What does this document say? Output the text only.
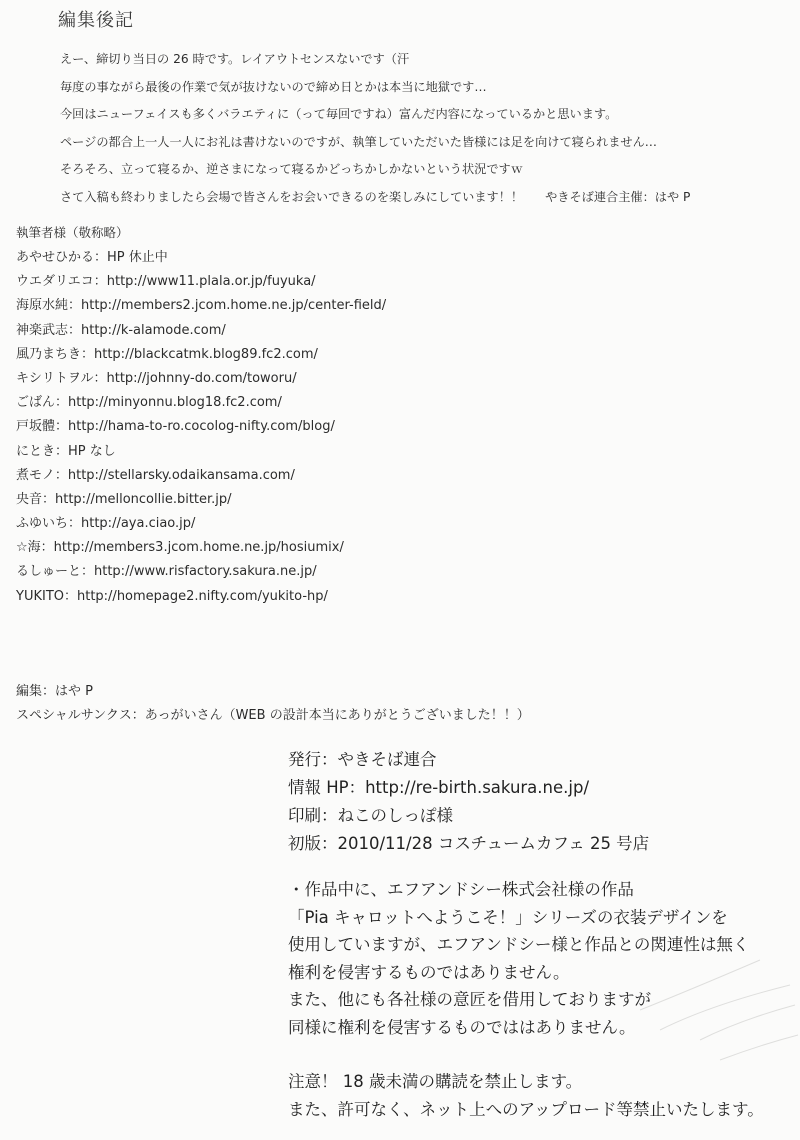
編集後記
えー、締切り当日の 26 時です。レイアウトセンスないです（汗
毎度の事ながら最後の作業で気が抜けないので締め日とかは本当に地獄です…
今回はニューフェイスも多くバラエティに（って毎回ですね）富んだ内容になっているかと思います。
ページの都合上一人一人にお礼は書けないのですが、執筆していただいた皆様には足を向けて寝られません…
そろそろ、立って寝るか、逆さまになって寝るかどっちかしかないという状況ですｗ
さて入稿も終わりましたら会場で皆さんをお会いできるのを楽しみにしています！！ やきそば連合主催：はや P
執筆者様（敬称略）
あやせひかる：HP 休止中
ウエダリエコ：http://www11.plala.or.jp/fuyuka/
海原水純：http://members2.jcom.home.ne.jp/center-field/
神楽武志：http://k-alamode.com/
風乃まちき：http://blackcatmk.blog89.fc2.com/
キシリトヲル：http://johnny-do.com/toworu/
ごばん：http://minyonnu.blog18.fc2.com/
戸坂體：http://hama-to-ro.cocolog-nifty.com/blog/
にとき：HP なし
煮モノ：http://stellarsky.odaikansama.com/
央音：http://melloncollie.bitter.jp/
ふゆいち：http://aya.ciao.jp/
☆海：http://members3.jcom.home.ne.jp/hosiumix/
るしゅーと：http://www.risfactory.sakura.ne.jp/
YUKITO：http://homepage2.nifty.com/yukito-hp/
編集：はや P
スペシャルサンクス：あっがいさん（WEB の設計本当にありがとうございました！！）
発行：やきそば連合
情報 HP：http://re-birth.sakura.ne.jp/
印刷：ねこのしっぽ様
初版：2010/11/28 コスチュームカフェ 25 号店
・作品中に、エフアンドシー株式会社様の作品
「Pia キャロットへようこそ！」シリーズの衣装デザインを
使用していますが、エフアンドシー様と作品との関連性は無く
権利を侵害するものではありません。
また、他にも各社様の意匠を借用しておりますが
同様に権利を侵害するものでははありません。
注意！ 18 歳未満の購読を禁止します。
また、許可なく、ネット上へのアップロード等禁止いたします。
